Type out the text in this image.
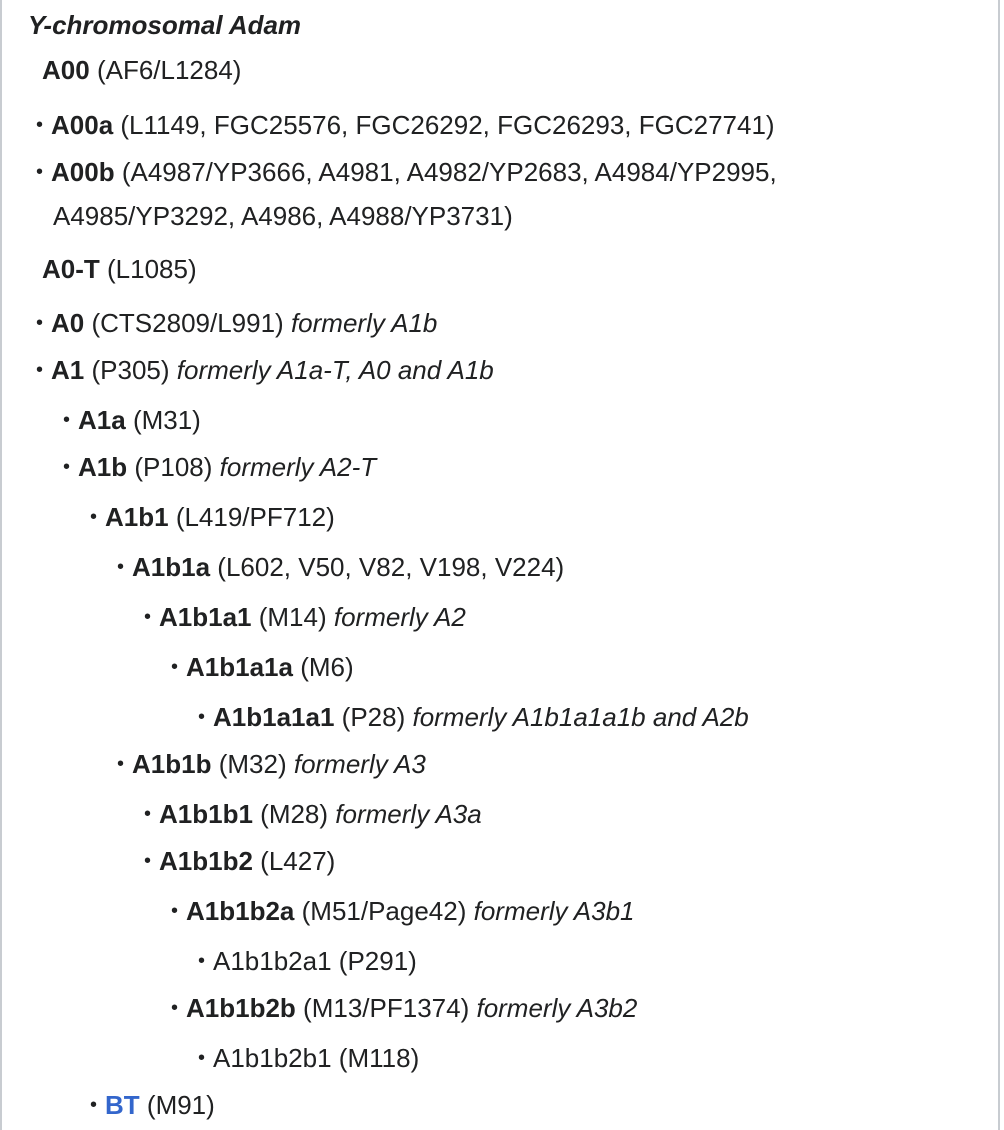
Y-chromosomal Adam
A00 (AF6/L1284)
• A00a (L1149, FGC25576, FGC26292, FGC26293, FGC27741)
• A00b (A4987/YP3666, A4981, A4982/YP2683, A4984/YP2995,
A4985/YP3292, A4986, A4988/YP3731)
A0-T (L1085)
• A0 (CTS2809/L991) formerly A1b
• A1 (P305) formerly A1a-T, A0 and A1b
• A1a (M31)
• A1b (P108) formerly A2-T
• A1b1 (L419/PF712)
• A1b1a (L602, V50, V82, V198, V224)
• A1b1a1 (M14) formerly A2
• A1b1a1a (M6)
• A1b1a1a1 (P28) formerly A1b1a1a1b and A2b
• A1b1b (M32) formerly A3
• A1b1b1 (M28) formerly A3a
• A1b1b2 (L427)
• A1b1b2a (M51/Page42) formerly A3b1
• A1b1b2a1 (P291)
• A1b1b2b (M13/PF1374) formerly A3b2
• A1b1b2b1 (M118)
• BT (M91)
